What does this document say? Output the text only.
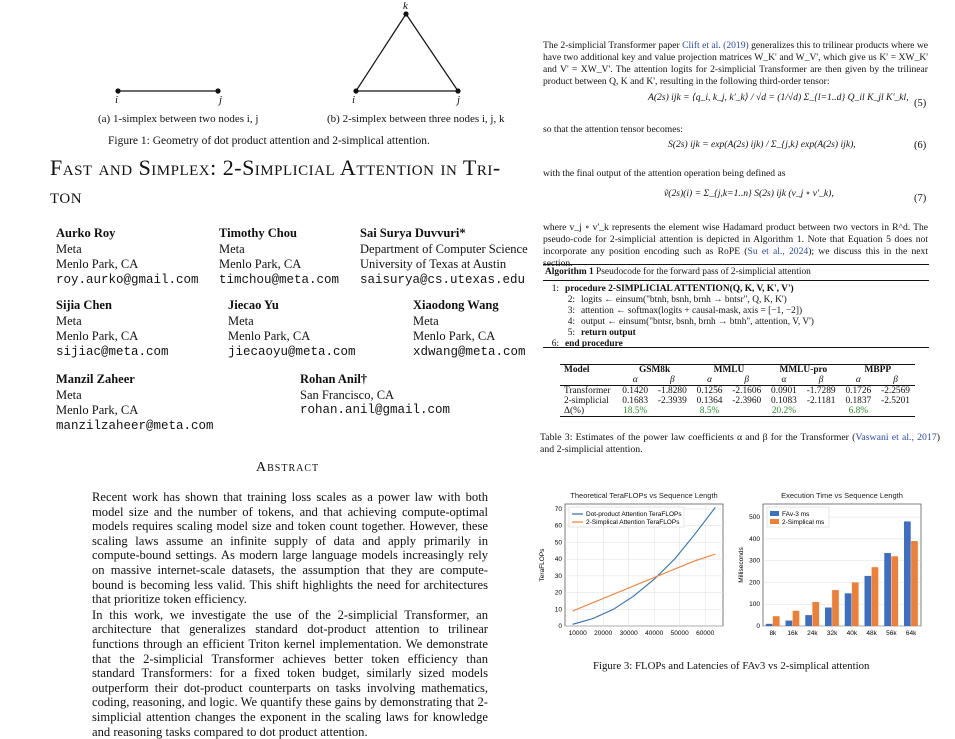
i	j
k
i	j
(a) 1-simplex between two nodes i, j	(b) 2-simplex between three nodes i, j, k
Figure 1: Geometry of dot product attention and 2-simplical attention.
Fast and Simplex: 2-Simplicial Attention in Tri-
ton
Aurko Roy
Meta
Menlo Park, CA
roy.aurko@gmail.com
Timothy Chou
Meta
Menlo Park, CA
timchou@meta.com
Sai Surya Duvvuri*
Department of Computer Science
University of Texas at Austin
saisurya@cs.utexas.edu
Sijia Chen
Meta
Menlo Park, CA
sijiac@meta.com
Jiecao Yu
Meta
Menlo Park, CA
jiecaoyu@meta.com
Xiaodong Wang
Meta
Menlo Park, CA
xdwang@meta.com
Manzil Zaheer
Meta
Menlo Park, CA
manzilzaheer@meta.com
Rohan Anil†
San Francisco, CA
rohan.anil@gmail.com
Abstract

Recent work has shown that training loss scales as a power law with both model size and the number of tokens, and that achieving compute-optimal models requires scaling model size and token count together. However, these scaling laws assume an infinite supply of data and apply primarily in compute-bound settings. As modern large language models increasingly rely on massive internet-scale datasets, the assumption that they are compute-bound is becoming less valid. This shift highlights the need for architectures that prioritize token efficiency.

In this work, we investigate the use of the 2-simplicial Transformer, an architecture that generalizes standard dot-product attention to trilinear functions through an efficient Triton kernel implementation. We demonstrate that the 2-simplicial Transformer achieves better token efficiency than standard Transformers: for a fixed token budget, similarly sized models outperform their dot-product counterparts on tasks involving mathematics, coding, reasoning, and logic. We quantify these gains by demonstrating that 2-simplicial attention changes the exponent in the scaling laws for knowledge and reasoning tasks compared to dot product attention.

The 2-simplicial Transformer paper Clift et al. (2019) generalizes this to trilinear products where we have two additional key and value projection matrices W_K' and W_V', which give us K' = XW_K' and V' = XW_V'. The attention logits for 2-simplicial Transformer are then given by the trilinear product between Q, K and K', resulting in the following third-order tensor:
A(2s) ijk = ⟨q_i, k_j, k'_k⟩ / √d = (1/√d) Σ_{l=1..d} Q_il K_jl K'_kl,
(5)
so that the attention tensor becomes:
S(2s) ijk = exp(A(2s) ijk) / Σ_{j,k} exp(A(2s) ijk),	(6)
with the final output of the attention operation being defined as
ṽ(2s)(i) = Σ_{j,k=1..n} S(2s) ijk (v_j ∘ v'_k),	(7)
where v_j ∘ v'_k represents the element wise Hadamard product between two vectors in R^d. The pseudo-code for 2-simplicial attention is depicted in Algorithm 1. Note that Equation 5 does not incorporate any position encoding such as RoPE (Su et al., 2024); we discuss this in the next section.
Algorithm 1 Pseudocode for the forward pass of 2-simplicial attention
1: procedure 2-SIMPLICIAL ATTENTION(Q, K, V, K', V')
2: logits ← einsum("btnh, bsnh, brnh → bntsr", Q, K, K')
3: attention ← softmax(logits + causal-mask, axis = [−1, −2])
4: output ← einsum("bntsr, bsnh, brnh → btnh", attention, V, V')
5: return output
6: end procedure
Model	GSM8k		MMLU		MMLU-pro		MBPP	
	α	β	α	β	α	β	α	β
Transformer	0.1420	-1.8280	0.1256	-2.1606	0.0901	-1.7289	0.1726	-2.2569
2-simplicial	0.1683	-2.3939	0.1364	-2.3960	0.1083	-2.1181	0.1837	-2.5201
Δ(%)	18.5%		8.5%		20.2%		6.8%	
Table 3: Estimates of the power law coefficients α and β for the Transformer (Vaswani et al., 2017) and 2-simplicial attention.
Theoretical TeraFLOPs vs Sequence Length
0
10
20
30
40
50
60
70
10000 20000 30000 40000 50000 60000
TeraFLOPs
Dot-product Attention TeraFLOPs
2-Simplical Attention TeraFLOPs
Execution Time vs Sequence Length
0
100
200
300
400
500
Milliseconds
8k 16k 24k 32k 40k 48k 56k 64k
FAv-3 ms
2-Simplical ms
Figure 3: FLOPs and Latencies of FAv3 vs 2-simplical attention
